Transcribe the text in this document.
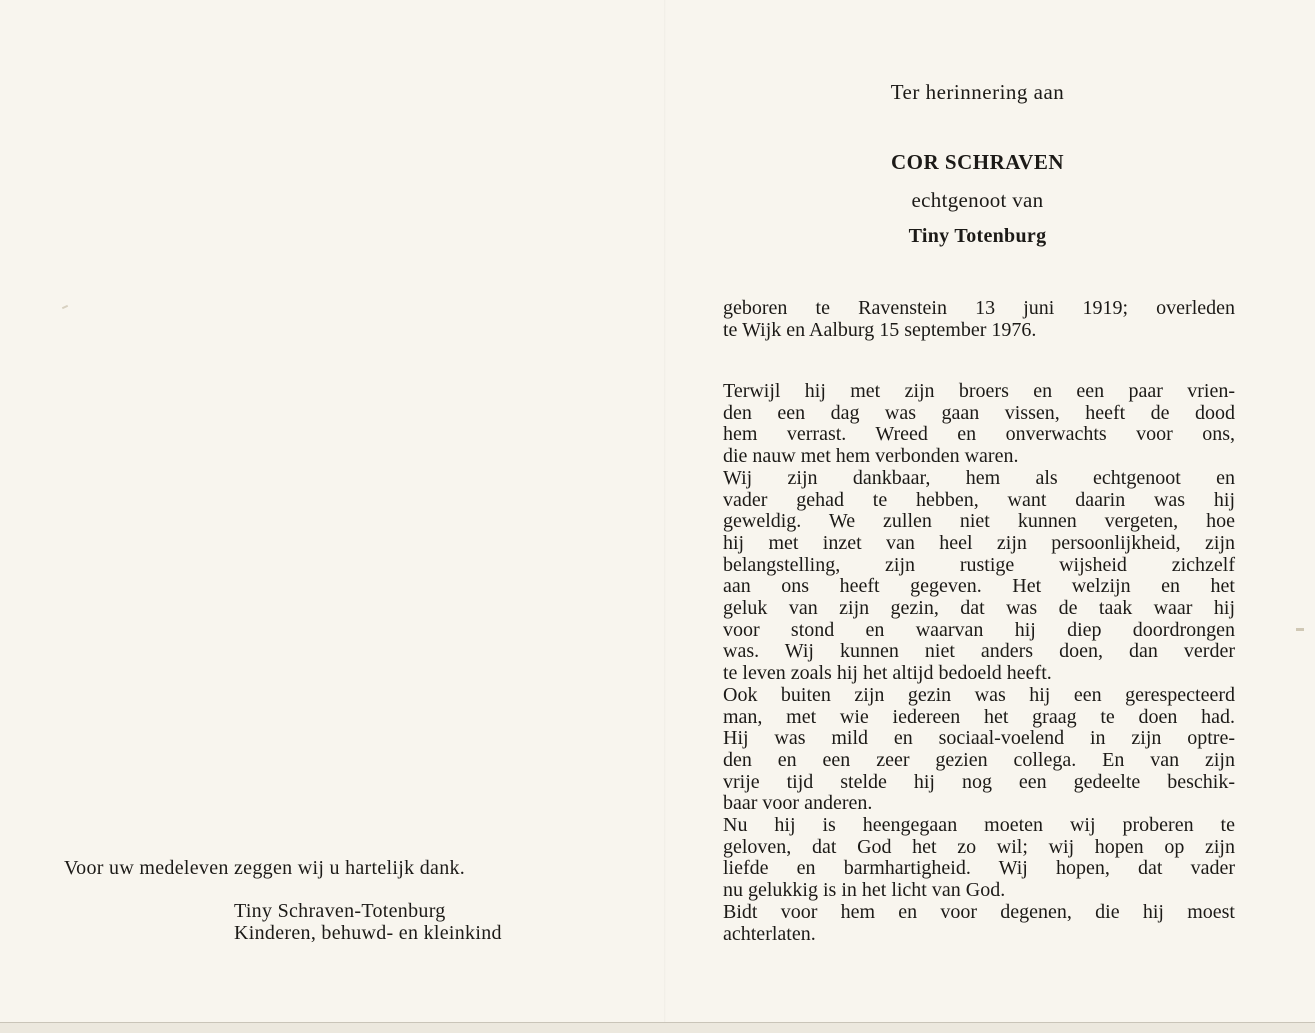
Ter herinnering aan
COR SCHRAVEN
echtgenoot van
Tiny Totenburg
geboren te Ravenstein 13 juni 1919; overleden
te Wijk en Aalburg 15 september 1976.
Terwijl hij met zijn broers en een paar vrien-
den een dag was gaan vissen, heeft de dood
hem verrast. Wreed en onverwachts voor ons,
die nauw met hem verbonden waren.
Wij zijn dankbaar, hem als echtgenoot en
vader gehad te hebben, want daarin was hij
geweldig. We zullen niet kunnen vergeten, hoe
hij met inzet van heel zijn persoonlijkheid, zijn
belangstelling, zijn rustige wijsheid zichzelf
aan ons heeft gegeven. Het welzijn en het
geluk van zijn gezin, dat was de taak waar hij
voor stond en waarvan hij diep doordrongen
was. Wij kunnen niet anders doen, dan verder
te leven zoals hij het altijd bedoeld heeft.
Ook buiten zijn gezin was hij een gerespecteerd
man, met wie iedereen het graag te doen had.
Hij was mild en sociaal-voelend in zijn optre-
den en een zeer gezien collega. En van zijn
vrije tijd stelde hij nog een gedeelte beschik-
baar voor anderen.
Nu hij is heengegaan moeten wij proberen te
geloven, dat God het zo wil; wij hopen op zijn
liefde en barmhartigheid. Wij hopen, dat vader
nu gelukkig is in het licht van God.
Bidt voor hem en voor degenen, die hij moest
achterlaten.
Voor uw medeleven zeggen wij u hartelijk dank.
Tiny Schraven-Totenburg
Kinderen, behuwd- en kleinkind
